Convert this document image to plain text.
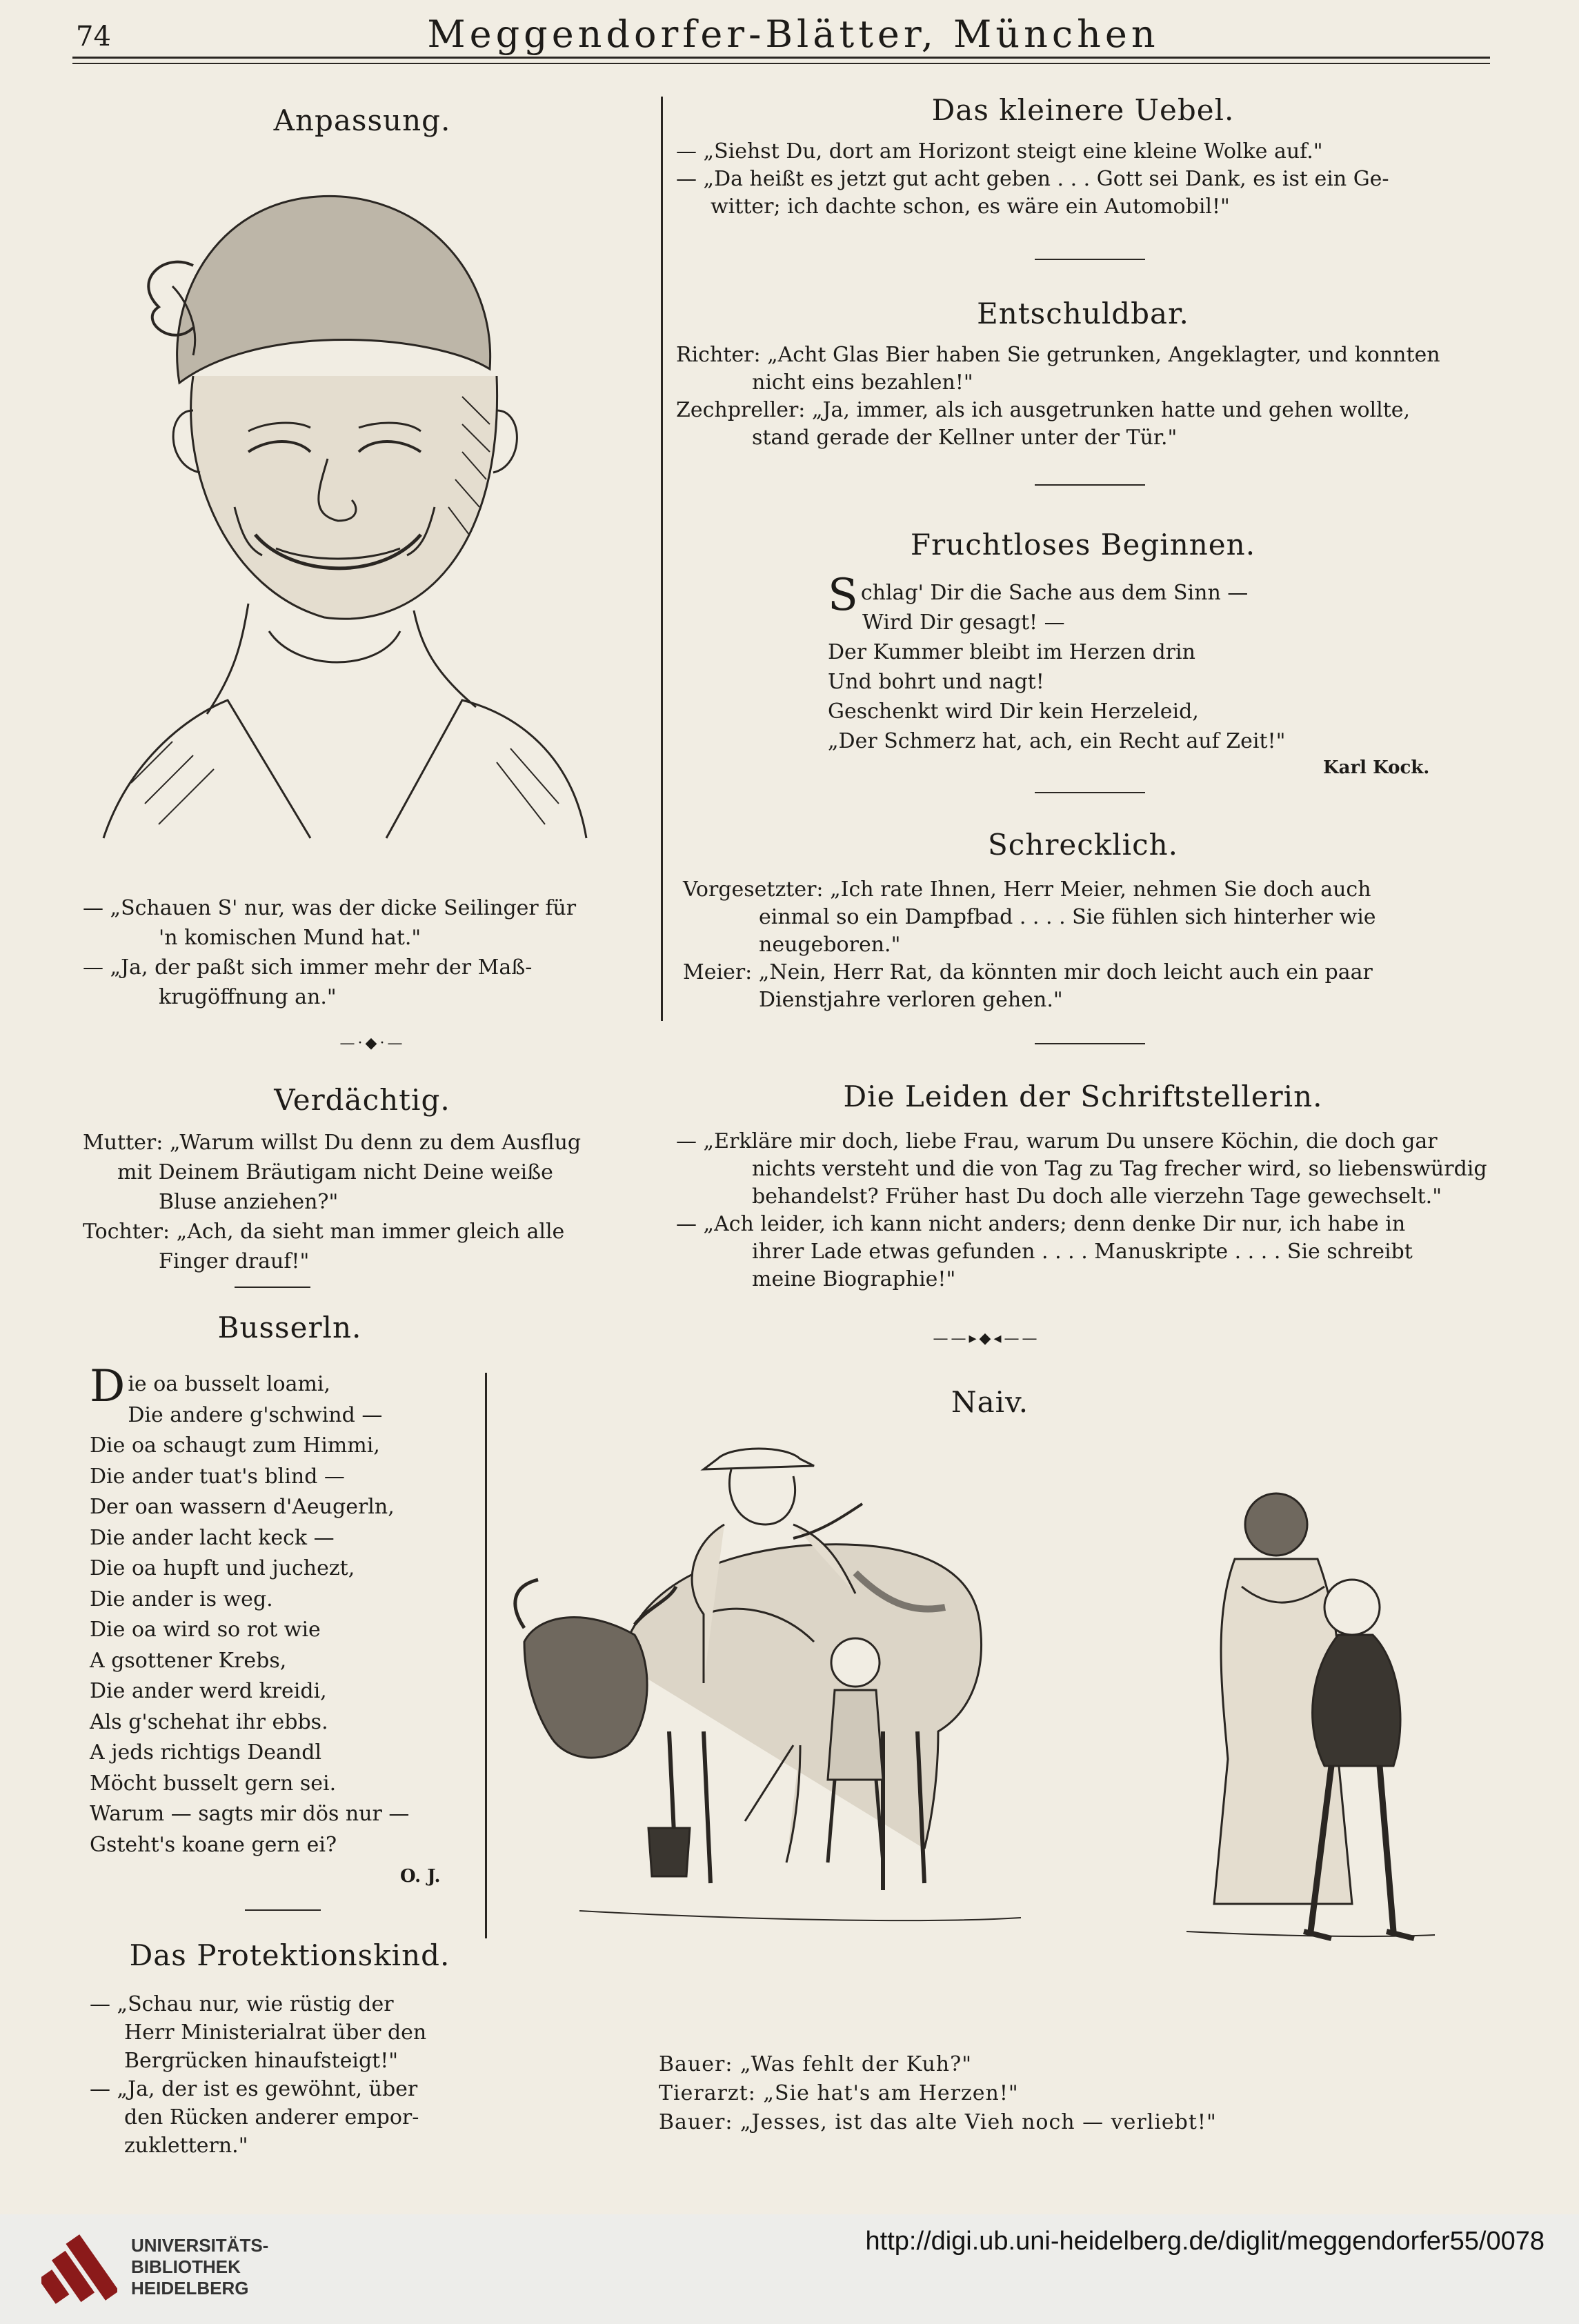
74	Meggendorfer-Blätter, München
Anpassung.

— „Schauen S' nur, was der dicke Seilinger für

'n komischen Mund hat."

— „Ja, der paßt sich immer mehr der Maß-

krugöffnung an."

—·◆·—
Verdächtig.

Mutter: „Warum willst Du denn zu dem Ausflug

mit Deinem Bräutigam nicht Deine weiße

Bluse anziehen?"

Tochter: „Ach, da sieht man immer gleich alle

Finger drauf!"

Busserln.

Die oa busselt loami,

Die andere g'schwind —

Die oa schaugt zum Himmi,

Die ander tuat's blind —

Der oan wassern d'Aeugerln,

Die ander lacht keck —

Die oa hupft und juchezt,

Die ander is weg.

Die oa wird so rot wie

A gsottener Krebs,

Die ander werd kreidi,

Als g'schehat ihr ebbs.

A jeds richtigs Deandl

Möcht busselt gern sei.

Warum — sagts mir dös nur —

Gsteht's koane gern ei?

O. J.
Das Protektionskind.

— „Schau nur, wie rüstig der

Herr Ministerialrat über den

Bergrücken hinaufsteigt!"

— „Ja, der ist es gewöhnt, über

den Rücken anderer empor-

zuklettern."

Das kleinere Uebel.

— „Siehst Du, dort am Horizont steigt eine kleine Wolke auf."

— „Da heißt es jetzt gut acht geben . . . Gott sei Dank, es ist ein Ge-

witter; ich dachte schon, es wäre ein Automobil!"

Entschuldbar.

Richter: „Acht Glas Bier haben Sie getrunken, Angeklagter, und konnten

nicht eins bezahlen!"

Zechpreller: „Ja, immer, als ich ausgetrunken hatte und gehen wollte,

stand gerade der Kellner unter der Tür."

Fruchtloses Beginnen.

Schlag' Dir die Sache aus dem Sinn —

Wird Dir gesagt! —

Der Kummer bleibt im Herzen drin

Und bohrt und nagt!

Geschenkt wird Dir kein Herzeleid,

„Der Schmerz hat, ach, ein Recht auf Zeit!"

Karl Kock.
Schrecklich.

Vorgesetzter: „Ich rate Ihnen, Herr Meier, nehmen Sie doch auch

einmal so ein Dampfbad . . . . Sie fühlen sich hinterher wie

neugeboren."

Meier: „Nein, Herr Rat, da könnten mir doch leicht auch ein paar

Dienstjahre verloren gehen."

Die Leiden der Schriftstellerin.

— „Erkläre mir doch, liebe Frau, warum Du unsere Köchin, die doch gar

nichts versteht und die von Tag zu Tag frecher wird, so liebenswürdig

behandelst? Früher hast Du doch alle vierzehn Tage gewechselt."

— „Ach leider, ich kann nicht anders; denn denke Dir nur, ich habe in

ihrer Lade etwas gefunden . . . . Manuskripte . . . . Sie schreibt

meine Biographie!"

——▸◆◂——
Naiv.

Bauer: „Was fehlt der Kuh?"

Tierarzt: „Sie hat's am Herzen!"

Bauer: „Jesses, ist das alte Vieh noch — verliebt!"

UNIVERSITÄTS-
BIBLIOTHEK
HEIDELBERG
http://digi.ub.uni-heidelberg.de/diglit/meggendorfer55/0078
